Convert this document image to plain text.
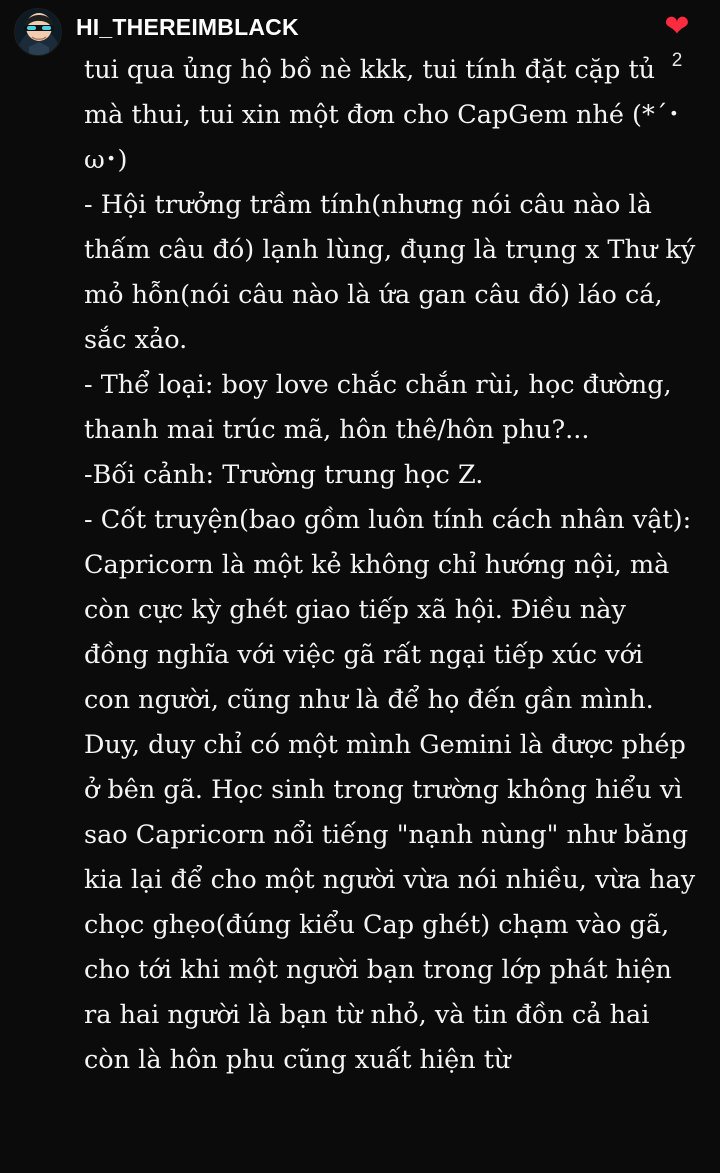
HI_THEREIMBLACK	❤
2

tui qua ủng hộ bồ nè kkk, tui tính đặt cặp tủ mà thui, tui xin một đơn cho CapGem nhé (*´･ω･)

- Hội trưởng trầm tính(nhưng nói câu nào là thấm câu đó) lạnh lùng, đụng là trụng x Thư ký mỏ hỗn(nói câu nào là ứa gan câu đó) láo cá, sắc xảo.

- Thể loại: boy love chắc chắn rùi, học đường, thanh mai trúc mã, hôn thê/hôn phu?...

-Bối cảnh: Trường trung học Z.

- Cốt truyện(bao gồm luôn tính cách nhân vật): Capricorn là một kẻ không chỉ hướng nội, mà còn cực kỳ ghét giao tiếp xã hội. Điều này đồng nghĩa với việc gã rất ngại tiếp xúc với con người, cũng như là để họ đến gần mình. Duy, duy chỉ có một mình Gemini là được phép ở bên gã. Học sinh trong trường không hiểu vì sao Capricorn nổi tiếng "nạnh nùng" như băng kia lại để cho một người vừa nói nhiều, vừa hay chọc ghẹo(đúng kiểu Cap ghét) chạm vào gã, cho tới khi một người bạn trong lớp phát hiện ra hai người là bạn từ nhỏ, và tin đồn cả hai còn là hôn phu cũng xuất hiện từ
